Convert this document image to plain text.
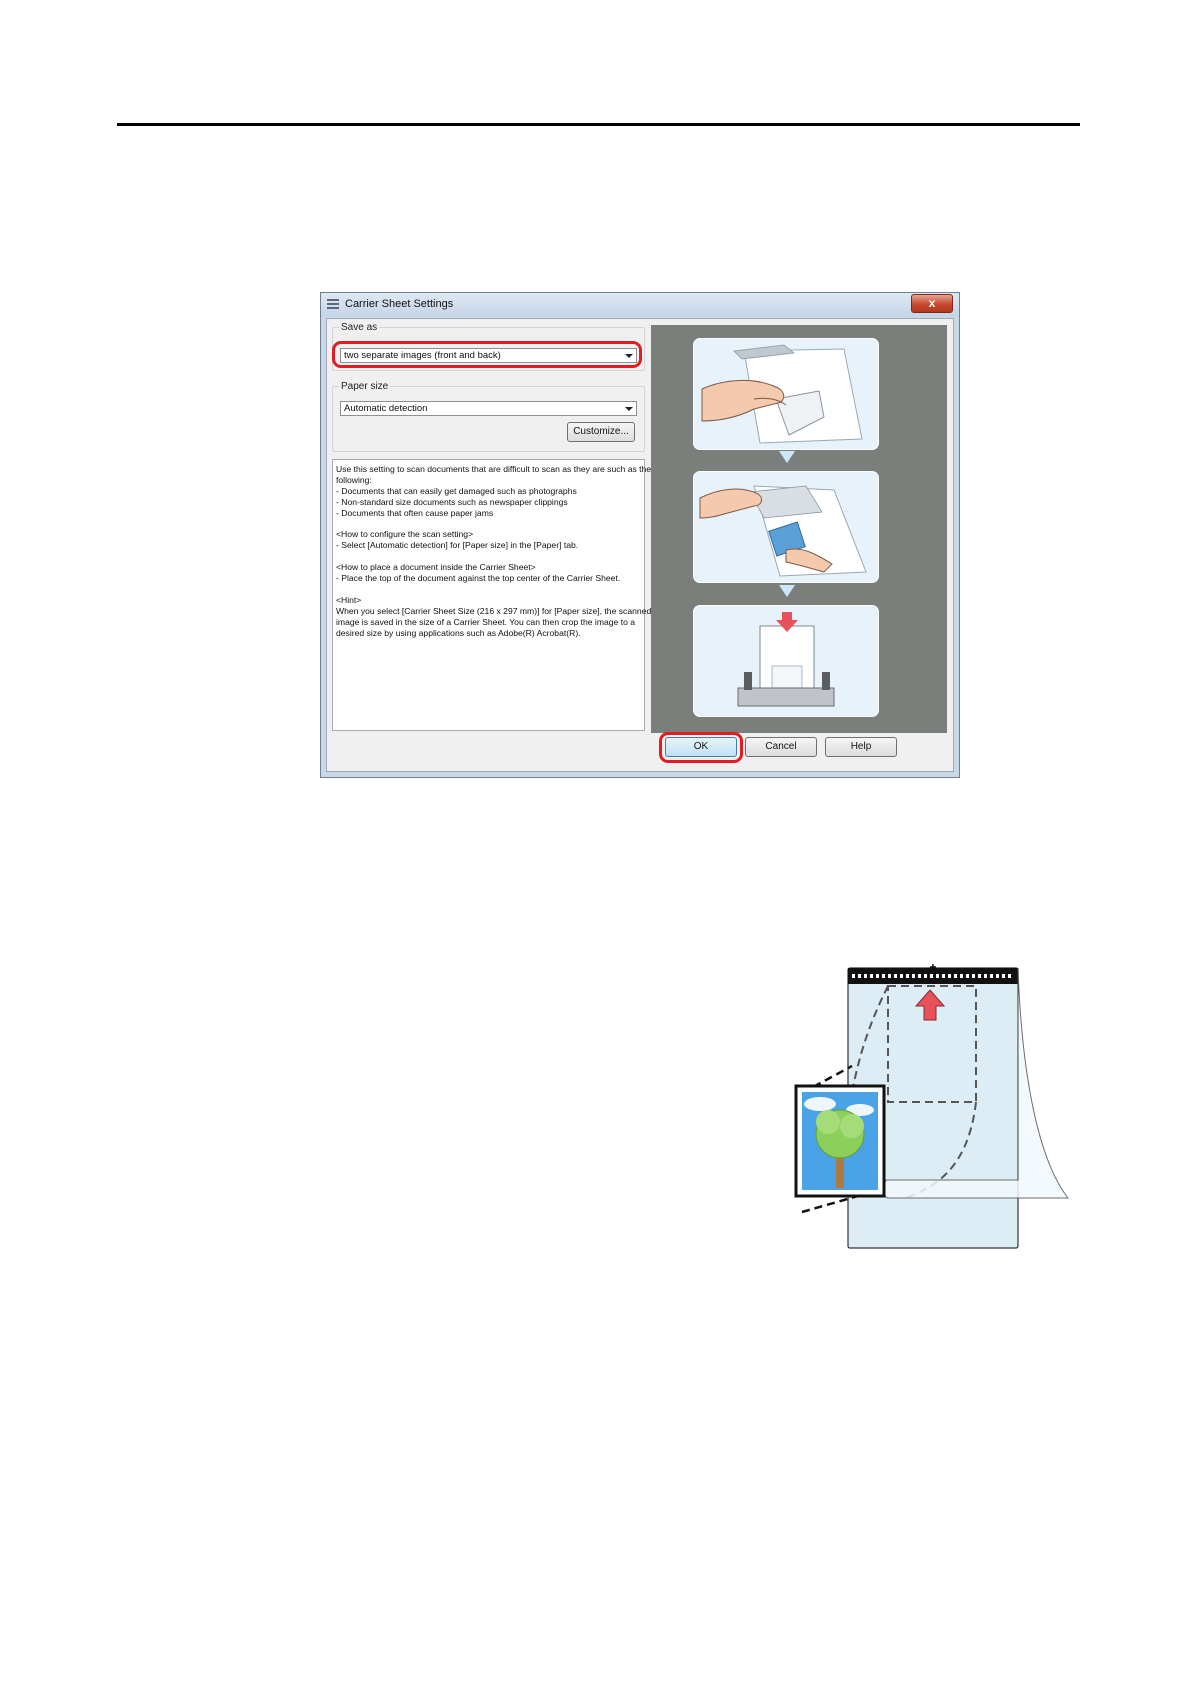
Carrier Sheet Settings	x
Save as
two separate images (front and back)
Paper size
Automatic detection
Customize...
Use this setting to scan documents that are difficult to scan as they are such as the
following:
- Documents that can easily get damaged such as photographs
- Non-standard size documents such as newspaper clippings
- Documents that often cause paper jams
<How to configure the scan setting>
- Select [Automatic detection] for [Paper size] in the [Paper] tab.
<How to place a document inside the Carrier Sheet>
- Place the top of the document against the top center of the Carrier Sheet.
<Hint>
When you select [Carrier Sheet Size (216 x 297 mm)] for [Paper size], the scanned
image is saved in the size of a Carrier Sheet. You can then crop the image to a
desired size by using applications such as Adobe(R) Acrobat(R).
OK	Cancel	Help
